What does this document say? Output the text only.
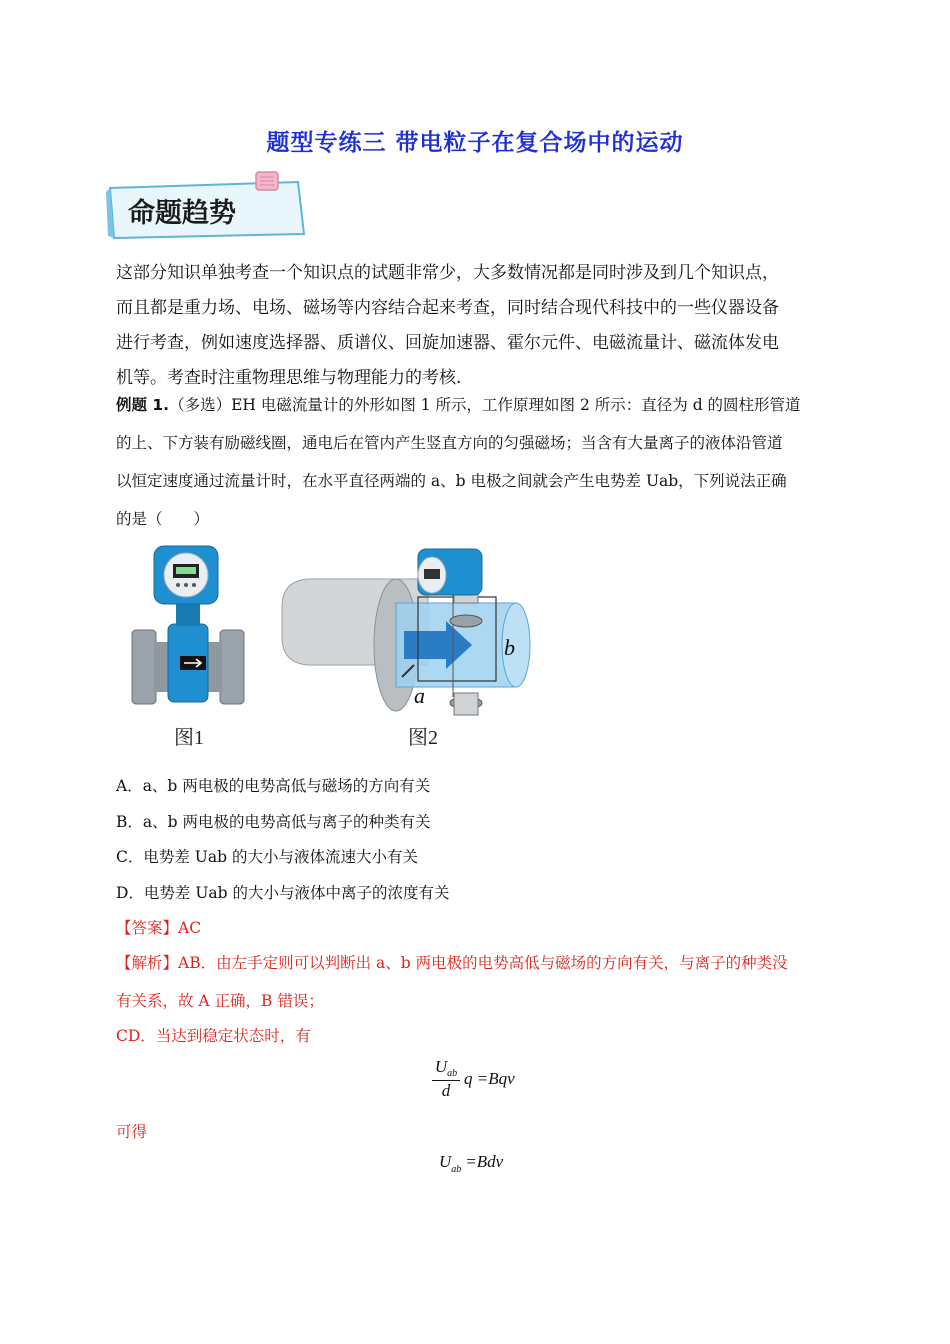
题型专练三 带电粒子在复合场中的运动
命题趋势
这部分知识单独考查一个知识点的试题非常少，大多数情况都是同时涉及到几个知识点，
而且都是重力场、电场、磁场等内容结合起来考查，同时结合现代科技中的一些仪器设备
进行考查，例如速度选择器、质谱仪、回旋加速器、霍尔元件、电磁流量计、磁流体发电
机等。考查时注重物理思维与物理能力的考核.
例题 1.（多选）EH 电磁流量计的外形如图 1 所示，工作原理如图 2 所示：直径为 d 的圆柱形管道
的上、下方装有励磁线圈，通电后在管内产生竖直方向的匀强磁场；当含有大量离子的液体沿管道
以恒定速度通过流量计时，在水平直径两端的 a、b 电极之间就会产生电势差 Uab，下列说法正确
的是（　　）
图1
a
b
图2
A．a、b 两电极的电势高低与磁场的方向有关
B．a、b 两电极的电势高低与离子的种类有关
C．电势差 Uab 的大小与液体流速大小有关
D．电势差 Uab 的大小与液体中离子的浓度有关
【答案】AC
【解析】AB．由左手定则可以判断出 a、b 两电极的电势高低与磁场的方向有关，与离子的种类没
有关系，故 A 正确，B 错误；
CD．当达到稳定状态时，有
$U_{ab}$
d
q =Bqv
可得
$U_{ab} =Bdv$
